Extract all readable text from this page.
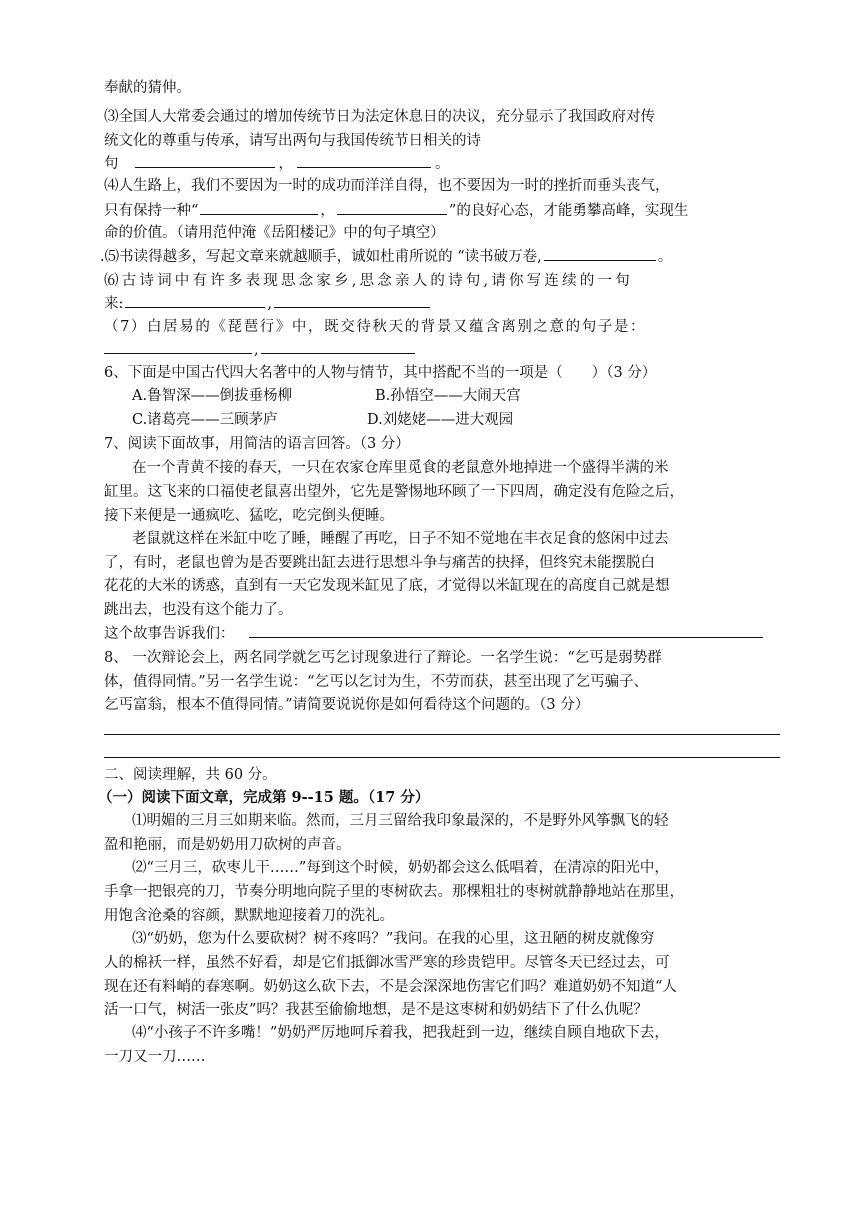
奉献的猜伸。
⑶全国人大常委会通过的增加传统节日为法定休息日的决议，充分显示了我国政府对传
统文化的尊重与传承，请写出两句与我国传统节日相关的诗
句	，	。
⑷人生路上，我们不要因为一时的成功而洋洋自得，也不要因为一时的挫折而垂头丧气，
只有保持一种“	，	”的良好心态，才能勇攀高峰，实现生
命的价值。（请用范仲淹《岳阳楼记》中的句子填空）
.⑸书读得越多，写起文章来就越顺手，诚如杜甫所说的 “读书破万卷,	。
⑹古诗词中有许多表现思念家乡,思念亲人的诗句,请你写连续的一句
来:	,
（7）白居易的《琵琶行》中，既交待秋天的背景又蕴含离别之意的句子是：
,
6、下面是中国古代四大名著中的人物与情节，其中搭配不当的一项是（　　）（3 分）
A.鲁智深——倒拔垂杨柳	B.孙悟空——大闹天宫
C.诸葛亮——三顾茅庐	D.刘姥姥——进大观园
7、阅读下面故事，用简洁的语言回答。（3 分）
在一个青黄不接的春天，一只在农家仓库里觅食的老鼠意外地掉进一个盛得半满的米
缸里。这飞来的口福使老鼠喜出望外，它先是警惕地环顾了一下四周，确定没有危险之后，
接下来便是一通疯吃、猛吃，吃完倒头便睡。
老鼠就这样在米缸中吃了睡，睡醒了再吃，日子不知不觉地在丰衣足食的悠闲中过去
了，有时，老鼠也曾为是否要跳出缸去进行思想斗争与痛苦的抉择，但终究未能摆脱白
花花的大米的诱惑，直到有一天它发现米缸见了底，才觉得以米缸现在的高度自己就是想
跳出去，也没有这个能力了。
这个故事告诉我们：
8、 一次辩论会上，两名同学就乞丐乞讨现象进行了辩论。一名学生说：“乞丐是弱势群
体，值得同情。”另一名学生说：“乞丐以乞讨为生，不劳而获，甚至出现了乞丐骗子、
乞丐富翁，根本不值得同情。”请简要说说你是如何看待这个问题的。（3 分）
二、阅读理解，共 60 分。
（一）阅读下面文章，完成第 9--15 题。（17 分）
⑴明媚的三月三如期来临。然而，三月三留给我印象最深的，不是野外风筝飘飞的轻
盈和艳丽，而是奶奶用刀砍树的声音。
⑵“三月三，砍枣儿干……”每到这个时候，奶奶都会这么低唱着，在清凉的阳光中，
手拿一把银亮的刀，节奏分明地向院子里的枣树砍去。那棵粗壮的枣树就静静地站在那里，
用饱含沧桑的容颜，默默地迎接着刀的洗礼。
⑶“奶奶，您为什么要砍树？树不疼吗？”我问。在我的心里，这丑陋的树皮就像穷
人的棉袄一样，虽然不好看，却是它们抵御冰雪严寒的珍贵铠甲。尽管冬天已经过去，可
现在还有料峭的春寒啊。奶奶这么砍下去，不是会深深地伤害它们吗？难道奶奶不知道“人
活一口气，树活一张皮”吗？我甚至偷偷地想，是不是这枣树和奶奶结下了什么仇呢？
⑷“小孩子不许多嘴！”奶奶严厉地呵斥着我，把我赶到一边，继续自顾自地砍下去，
一刀又一刀……
